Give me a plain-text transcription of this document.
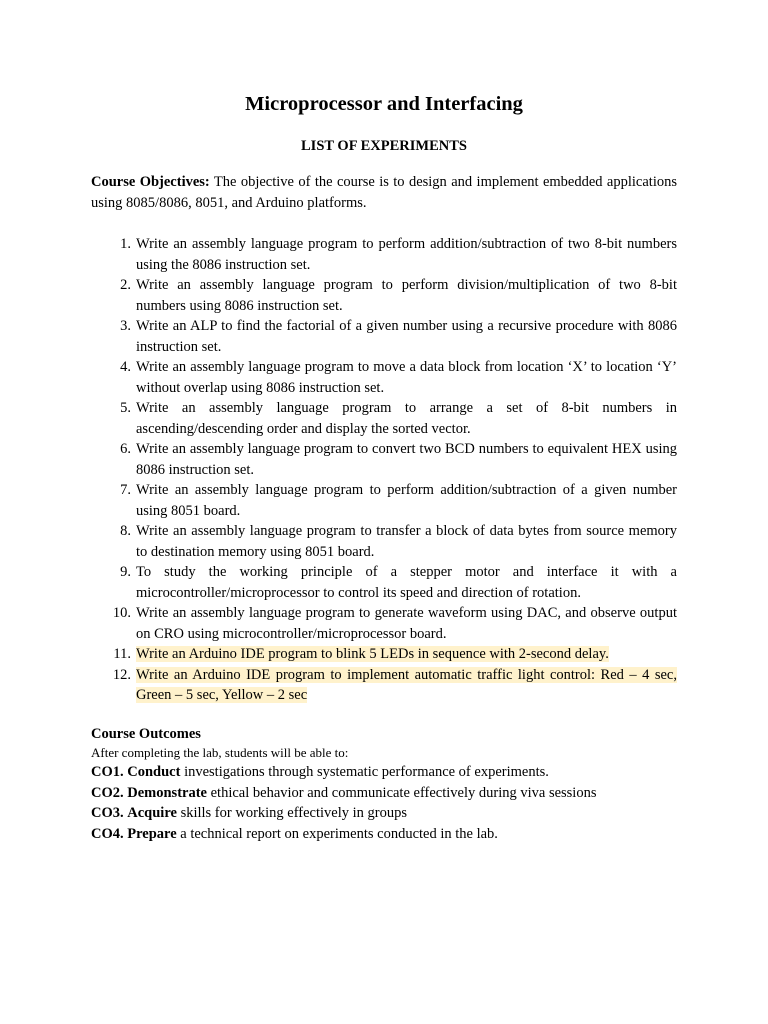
Microprocessor and Interfacing
LIST OF EXPERIMENTS

Course Objectives: The objective of the course is to design and implement embedded applications using 8085/8086, 8051, and Arduino platforms.

1. Write an assembly language program to perform addition/subtraction of two 8-bit numbers using the 8086 instruction set.
2. Write an assembly language program to perform division/multiplication of two 8-bit numbers using 8086 instruction set.
3. Write an ALP to find the factorial of a given number using a recursive procedure with 8086 instruction set.
4. Write an assembly language program to move a data block from location ‘X’ to location ‘Y’ without overlap using 8086 instruction set.
5. Write an assembly language program to arrange a set of 8-bit numbers in ascending/descending order and display the sorted vector.
6. Write an assembly language program to convert two BCD numbers to equivalent HEX using 8086 instruction set.
7. Write an assembly language program to perform addition/subtraction of a given number using 8051 board.
8. Write an assembly language program to transfer a block of data bytes from source memory to destination memory using 8051 board.
9. To study the working principle of a stepper motor and interface it with a microcontroller/microprocessor to control its speed and direction of rotation.
10. Write an assembly language program to generate waveform using DAC, and observe output on CRO using microcontroller/microprocessor board.
11. Write an Arduino IDE program to blink 5 LEDs in sequence with 2-second delay.
12. Write an Arduino IDE program to implement automatic traffic light control: Red – 4 sec, Green – 5 sec, Yellow – 2 sec
Course Outcomes

After completing the lab, students will be able to:

CO1. Conduct investigations through systematic performance of experiments.
CO2. Demonstrate ethical behavior and communicate effectively during viva sessions
CO3. Acquire skills for working effectively in groups
CO4. Prepare a technical report on experiments conducted in the lab.
